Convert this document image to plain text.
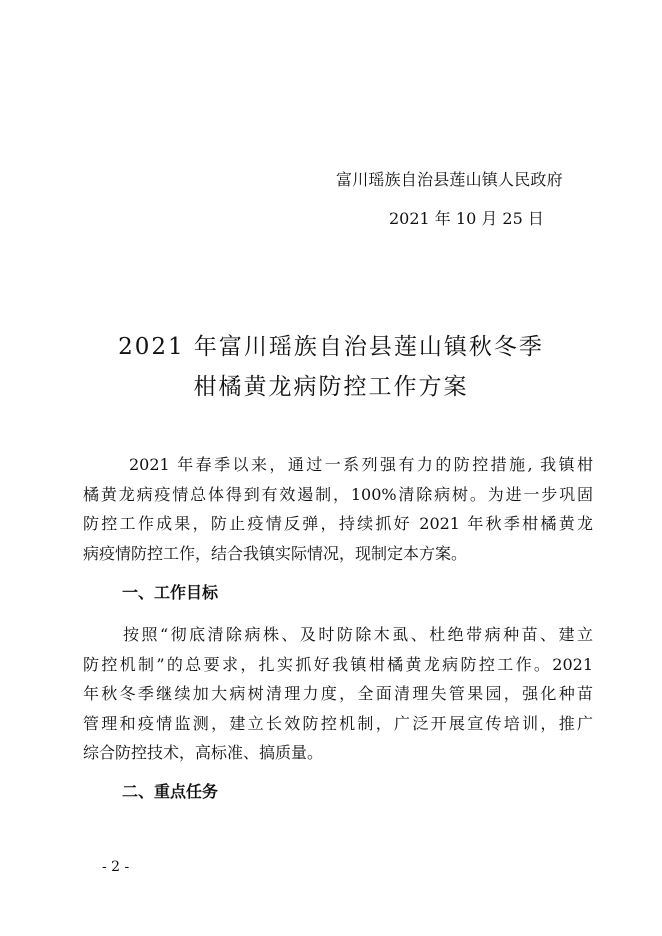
富川瑶族自治县莲山镇人民政府
2021 年 10 月 25 日
2021 年富川瑶族自治县莲山镇秋冬季
柑橘黄龙病防控工作方案
2021 年春季以来，通过一系列强有力的防控措施, 我镇柑
橘黄龙病疫情总体得到有效遏制，100%清除病树。为进一步巩固
防控工作成果，防止疫情反弹，持续抓好 2021 年秋季柑橘黄龙
病疫情防控工作，结合我镇实际情况，现制定本方案。
一、工作目标
按照“彻底清除病株、及时防除木虱、杜绝带病种苗、建立
防控机制”的总要求，扎实抓好我镇柑橘黄龙病防控工作。2021
年秋冬季继续加大病树清理力度，全面清理失管果园，强化种苗
管理和疫情监测，建立长效防控机制，广泛开展宣传培训，推广
综合防控技术，高标准、搞质量。
二、重点任务
- 2 -
